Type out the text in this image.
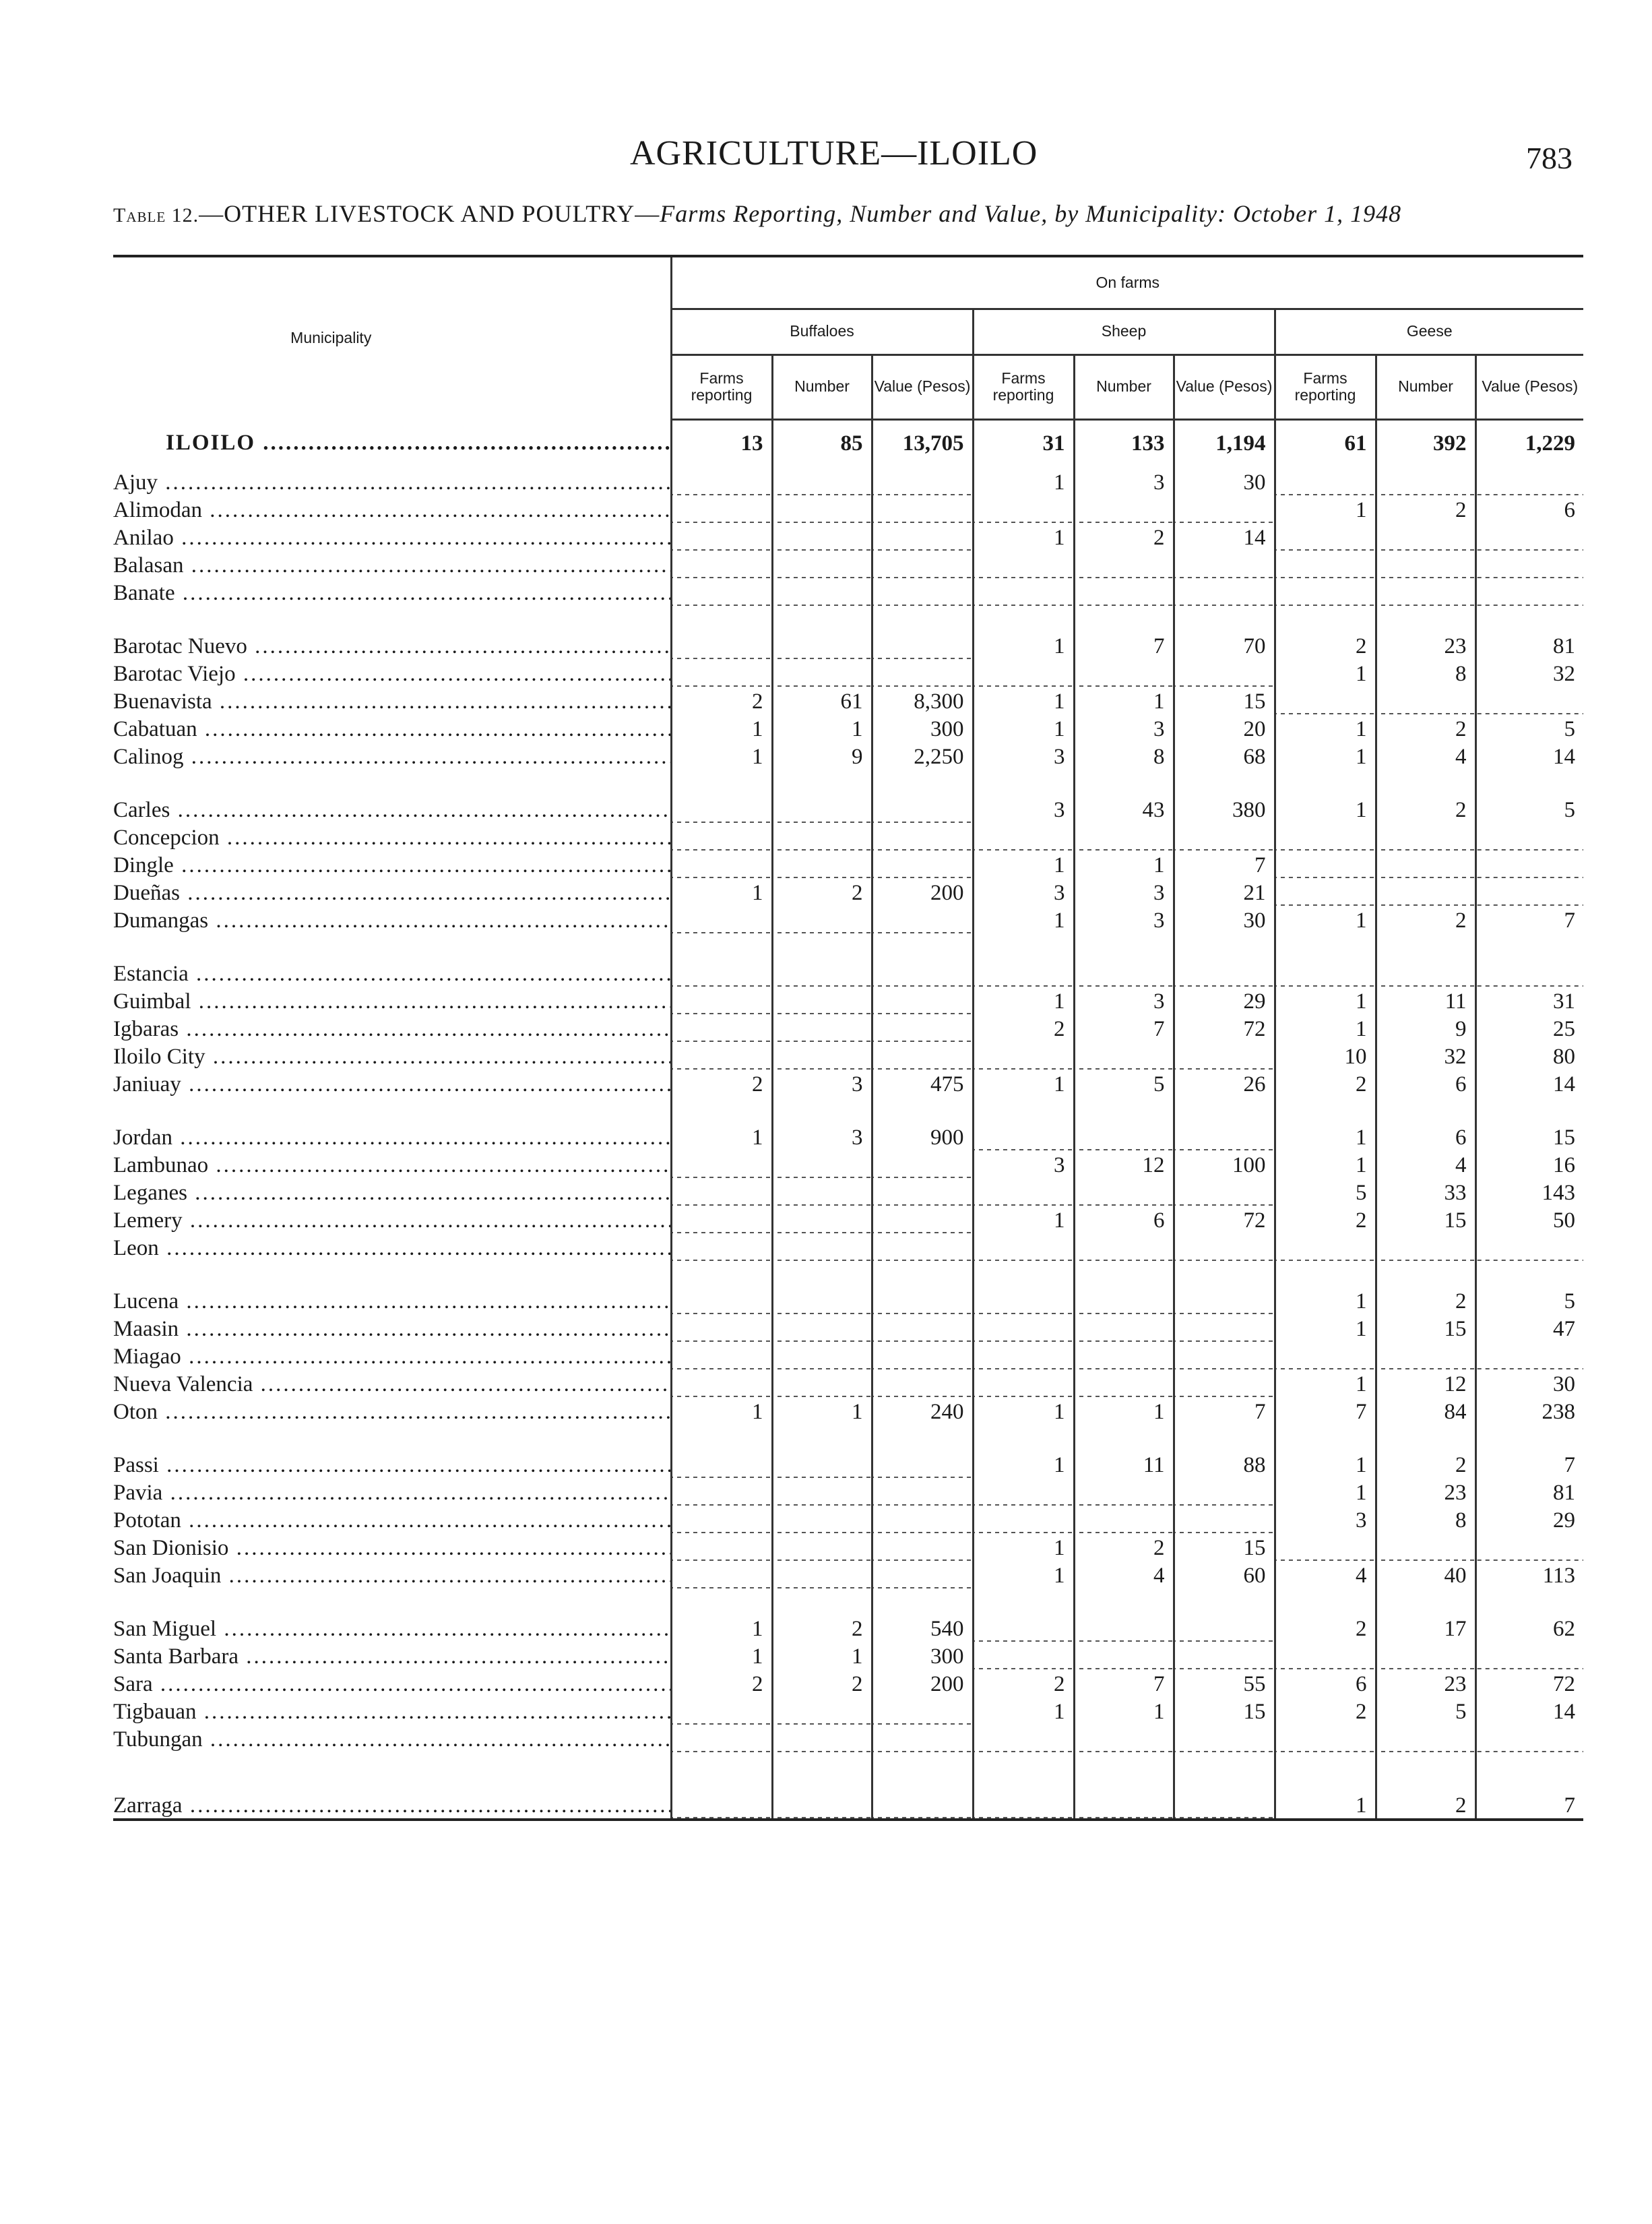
AGRICULTURE—ILOILO	783
Table 12.—OTHER LIVESTOCK AND POULTRY—Farms Reporting, Number and Value, by Municipality: October 1, 1948
Municipality	On farms								
	Buffaloes			Sheep			Geese		
	Farms reporting	Number	Value (Pesos)	Farms reporting	Number	Value (Pesos)	Farms reporting	Number	Value (Pesos)

ILOILO .....	13	85	13,705	31	133	1,194	61	392	1,229

Ajuy .....				1	3	30			

Alimodan .....							1	2	6

Anilao .....				1	2	14			

Balasan .....

Banate .....

Barotac Nuevo .....				1	7	70	2	23	81

Barotac Viejo .....							1	8	32

Buenavista .....	2	61	8,300	1	1	15			

Cabatuan .....	1	1	300	1	3	20	1	2	5

Calinog .....	1	9	2,250	3	8	68	1	4	14

Carles .....				3	43	380	1	2	5

Concepcion .....

Dingle .....				1	1	7			

Dueñas .....	1	2	200	3	3	21			

Dumangas .....				1	3	30	1	2	7

Estancia .....

Guimbal .....				1	3	29	1	11	31

Igbaras .....				2	7	72	1	9	25

Iloilo City .....							10	32	80

Janiuay .....	2	3	475	1	5	26	2	6	14

Jordan .....	1	3	900				1	6	15

Lambunao .....				3	12	100	1	4	16

Leganes .....							5	33	143

Lemery .....				1	6	72	2	15	50

Leon .....

Lucena .....							1	2	5

Maasin .....							1	15	47

Miagao .....

Nueva Valencia .....							1	12	30

Oton .....	1	1	240	1	1	7	7	84	238

Passi .....				1	11	88	1	2	7

Pavia .....							1	23	81

Pototan .....							3	8	29

San Dionisio .....				1	2	15			

San Joaquin .....				1	4	60	4	40	113

San Miguel .....	1	2	540				2	17	62

Santa Barbara .....	1	1	300						

Sara .....	2	2	200	2	7	55	6	23	72

Tigbauan .....				1	1	15	2	5	14

Tubungan .....

Zarraga .....							1	2	7
